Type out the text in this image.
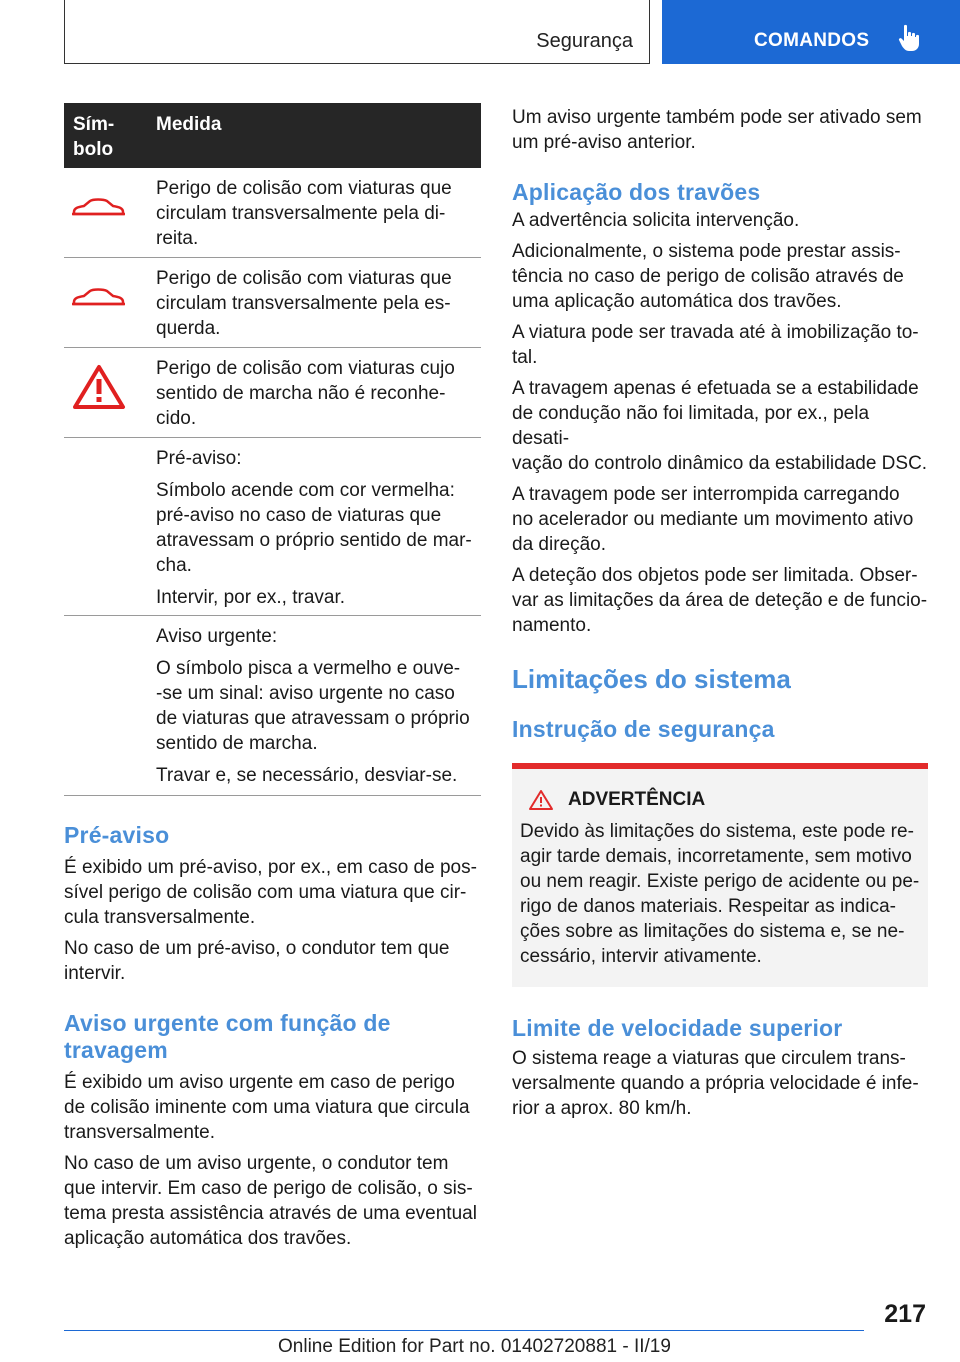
Segurança	COMANDOS
Sím-
bolo
Medida
Perigo de colisão com viaturas que
circulam transversalmente pela di-
reita.
Perigo de colisão com viaturas que
circulam transversalmente pela es-
querda.
Perigo de colisão com viaturas cujo
sentido de marcha não é reconhe-
cido.

Pré-aviso:

Símbolo acende com cor vermelha:
pré-aviso no caso de viaturas que
atravessam o próprio sentido de mar-
cha.

Intervir, por ex., travar.

Aviso urgente:

O símbolo pisca a vermelho e ouve-
-se um sinal: aviso urgente no caso
de viaturas que atravessam o próprio
sentido de marcha.

Travar e, se necessário, desviar-se.

Pré-aviso
É exibido um pré-aviso, por ex., em caso de pos-
sível perigo de colisão com uma viatura que cir-
cula transversalmente.
No caso de um pré-aviso, o condutor tem que
intervir.
Aviso urgente com função de
travagem
É exibido um aviso urgente em caso de perigo
de colisão iminente com uma viatura que circula
transversalmente.
No caso de um aviso urgente, o condutor tem
que intervir. Em caso de perigo de colisão, o sis-
tema presta assistência através de uma eventual
aplicação automática dos travões.
Um aviso urgente também pode ser ativado sem
um pré-aviso anterior.
Aplicação dos travões
A advertência solicita intervenção.
Adicionalmente, o sistema pode prestar assis-
tência no caso de perigo de colisão através de
uma aplicação automática dos travões.
A viatura pode ser travada até à imobilização to-
tal.
A travagem apenas é efetuada se a estabilidade
de condução não foi limitada, por ex., pela desati-
vação do controlo dinâmico da estabilidade DSC.
A travagem pode ser interrompida carregando
no acelerador ou mediante um movimento ativo
da direção.
A deteção dos objetos pode ser limitada. Obser-
var as limitações da área de deteção e de funcio-
namento.
Limitações do sistema
Instrução de segurança
ADVERTÊNCIA
Devido às limitações do sistema, este pode re-
agir tarde demais, incorretamente, sem motivo
ou nem reagir. Existe perigo de acidente ou pe-
rigo de danos materiais. Respeitar as indica-
ções sobre as limitações do sistema e, se ne-
cessário, intervir ativamente.
Limite de velocidade superior
O sistema reage a viaturas que circulem trans-
versalmente quando a própria velocidade é infe-
rior a aprox. 80 km/h.
217
Online Edition for Part no. 01402720881 - II/19
